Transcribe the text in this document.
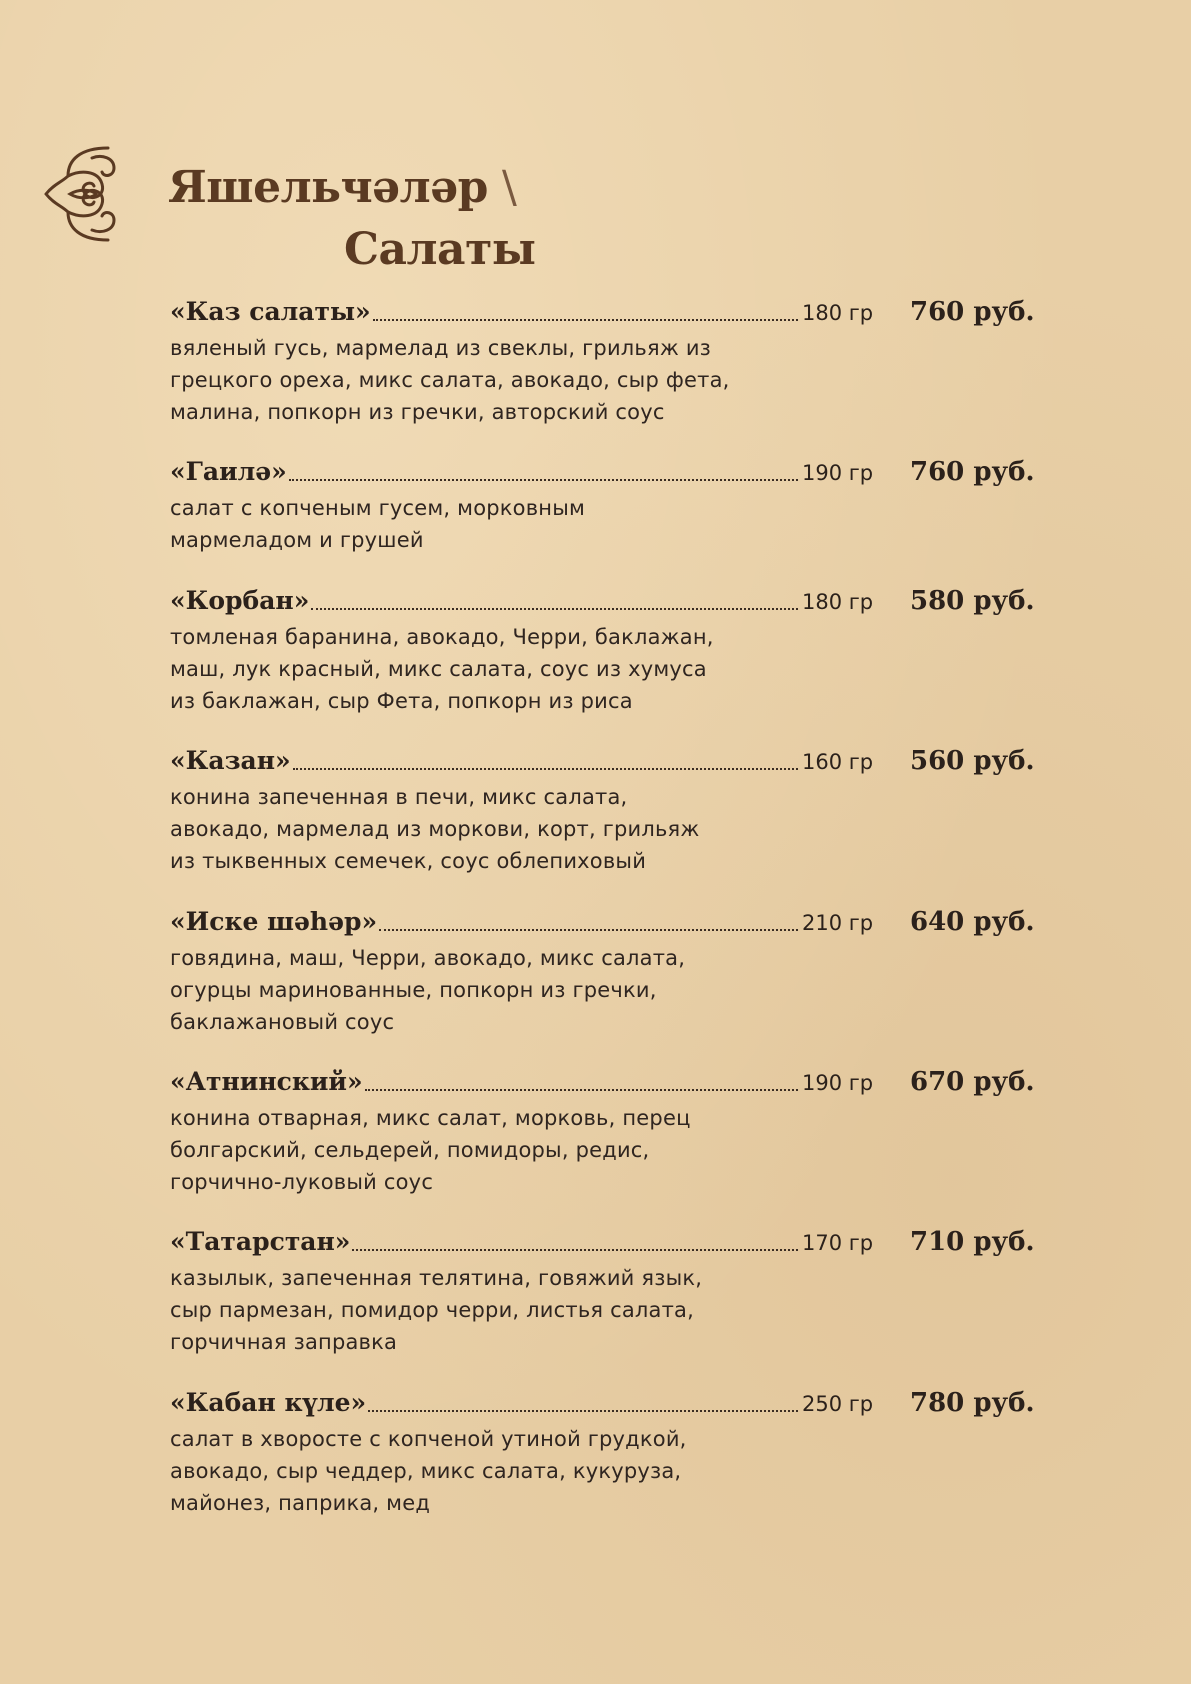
Яшельчәләр \
Салаты
«Каз салаты»	180 гр 760 руб.
вяленый гусь, мармелад из свеклы, грильяж из
грецкого ореха, микс салата, авокадо, сыр фета,
малина, попкорн из гречки, авторский соус
«Гаилә»	190 гр 760 руб.
салат с копченым гусем, морковным
мармеладом и грушей
«Корбан»	180 гр 580 руб.
томленая баранина, авокадо, Черри, баклажан,
маш, лук красный, микс салата, соус из хумуса
из баклажан, сыр Фета, попкорн из риса
«Казан»	160 гр 560 руб.
конина запеченная в печи, микс салата,
авокадо, мармелад из моркови, корт, грильяж
из тыквенных семечек, соус облепиховый
«Иске шәһәр»	210 гр 640 руб.
говядина, маш, Черри, авокадо, микс салата,
огурцы маринованные, попкорн из гречки,
баклажановый соус
«Атнинский»	190 гр 670 руб.
конина отварная, микс салат, морковь, перец
болгарский, сельдерей, помидоры, редис,
горчично-луковый соус
«Татарстан»	170 гр 710 руб.
казылык, запеченная телятина, говяжий язык,
сыр пармезан, помидор черри, листья салата,
горчичная заправка
«Кабан күле»	250 гр 780 руб.
салат в хворосте с копченой утиной грудкой,
авокадо, сыр чеддер, микс салата, кукуруза,
майонез, паприка, мед
